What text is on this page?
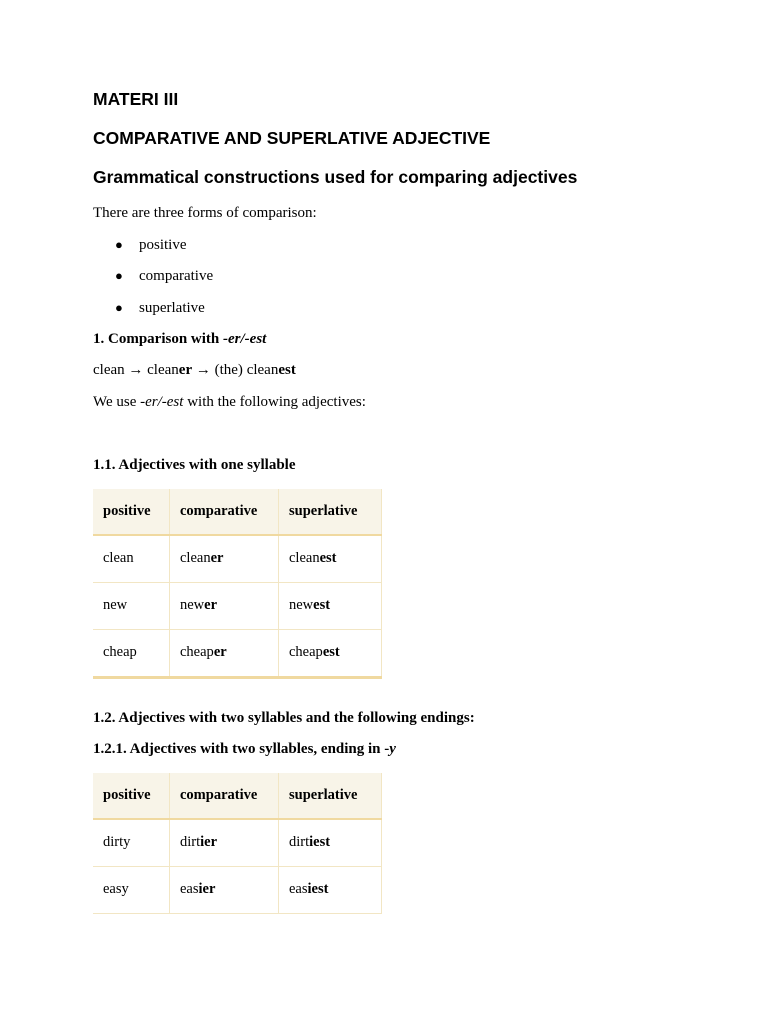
MATERI III
COMPARATIVE AND SUPERLATIVE ADJECTIVE
Grammatical constructions used for comparing adjectives

There are three forms of comparison:

● positive
● comparative
● superlative

1. Comparison with -er/-est

clean → cleaner → (the) cleanest

We use -er/-est with the following adjectives:

1.1. Adjectives with one syllable

positive	comparative	superlative
clean	cleaner	cleanest
new	newer	newest
cheap	cheaper	cheapest

1.2. Adjectives with two syllables and the following endings:

1.2.1. Adjectives with two syllables, ending in -y

positive	comparative	superlative
dirty	dirtier	dirtiest
easy	easier	easiest
